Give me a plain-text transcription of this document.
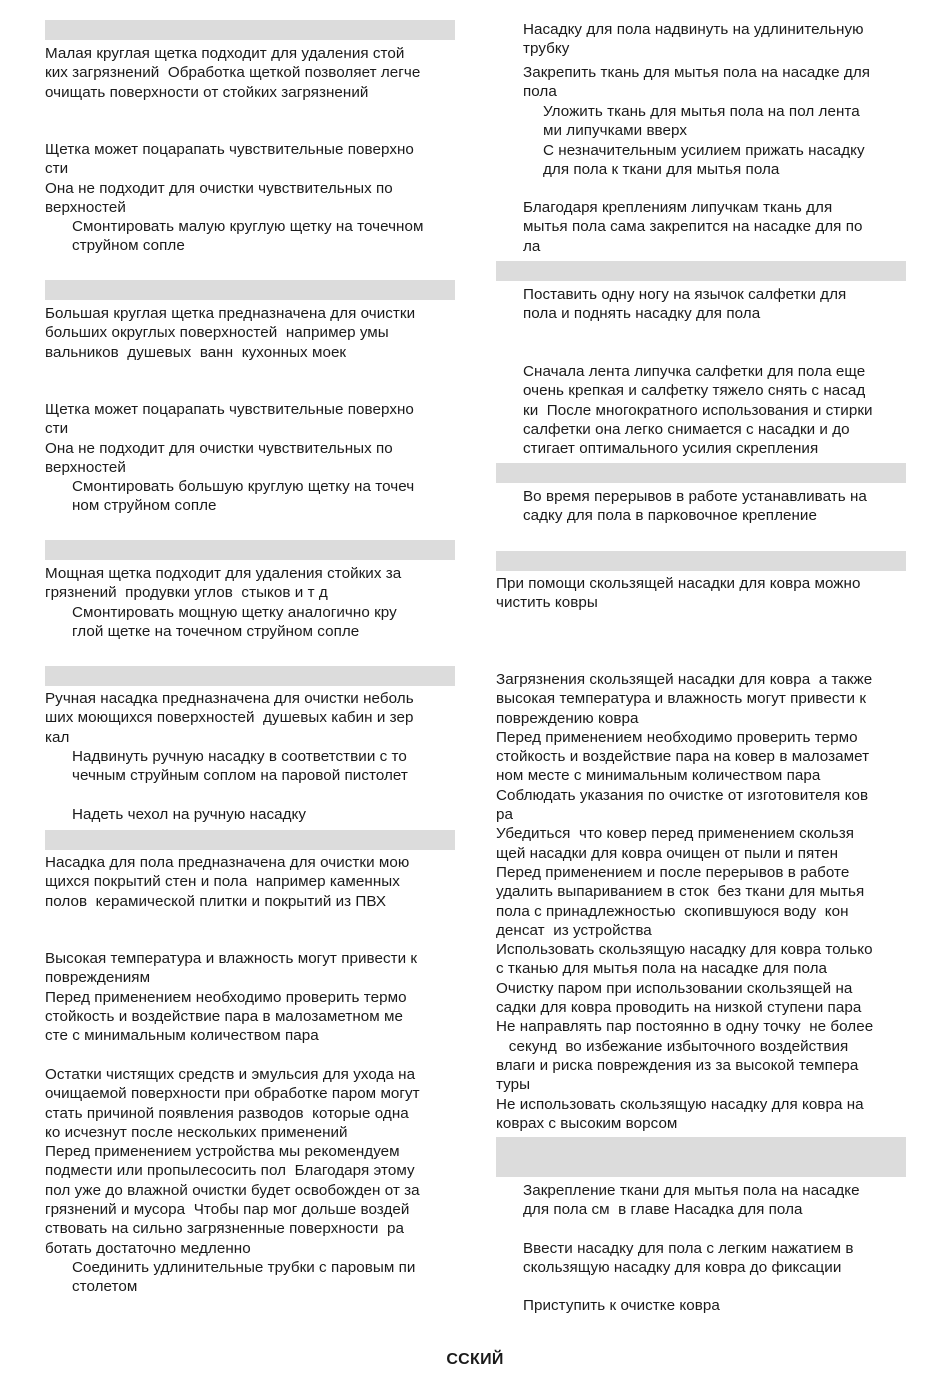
Малая круглая щетка подходит для удаления стой
ких загрязнений  Обработка щеткой позволяет легче
очищать поверхности от стойких загрязнений
Щетка может поцарапать чувствительные поверхно
сти
Она не подходит для очистки чувствительных по
верхностей
Смонтировать малую круглую щетку на точечном
струйном сопле
Большая круглая щетка предназначена для очистки
больших округлых поверхностей  например умы
вальников  душевых  ванн  кухонных моек
Щетка может поцарапать чувствительные поверхно
сти
Она не подходит для очистки чувствительных по
верхностей
Смонтировать большую круглую щетку на точеч
ном струйном сопле
Мощная щетка подходит для удаления стойких за
грязнений  продувки углов  стыков и т д
Смонтировать мощную щетку аналогично кру
глой щетке на точечном струйном сопле
Ручная насадка предназначена для очистки неболь
ших моющихся поверхностей  душевых кабин и зер
кал
Надвинуть ручную насадку в соответствии с то
чечным струйным соплом на паровой пистолет
Надеть чехол на ручную насадку
Насадка для пола предназначена для очистки мою
щихся покрытий стен и пола  например каменных
полов  керамической плитки и покрытий из ПВХ
Высокая температура и влажность могут привести к
повреждениям
Перед применением необходимо проверить термо
стойкость и воздействие пара в малозаметном ме
сте с минимальным количеством пара
Остатки чистящих средств и эмульсия для ухода на
очищаемой поверхности при обработке паром могут
стать причиной появления разводов  которые одна
ко исчезнут после нескольких применений
Перед применением устройства мы рекомендуем
подмести или пропылесосить пол  Благодаря этому
пол уже до влажной очистки будет освобожден от за
грязнений и мусора  Чтобы пар мог дольше воздей
ствовать на сильно загрязненные поверхности  ра
ботать достаточно медленно
Соединить удлинительные трубки с паровым пи
столетом
Насадку для пола надвинуть на удлинительную
трубку
Закрепить ткань для мытья пола на насадке для
пола
Уложить ткань для мытья пола на пол лента
ми липучками вверх
С незначительным усилием прижать насадку
для пола к ткани для мытья пола
Благодаря креплениям липучкам ткань для
мытья пола сама закрепится на насадке для по
ла
Поставить одну ногу на язычок салфетки для
пола и поднять насадку для пола
Сначала лента липучка салфетки для пола еще
очень крепкая и салфетку тяжело снять с насад
ки  После многократного использования и стирки
салфетки она легко снимается с насадки и до
стигает оптимального усилия скрепления
Во время перерывов в работе устанавливать на
садку для пола в парковочное крепление
При помощи скользящей насадки для ковра можно
чистить ковры
Загрязнения скользящей насадки для ковра  а также
высокая температура и влажность могут привести к
повреждению ковра
Перед применением необходимо проверить термо
стойкость и воздействие пара на ковер в малозамет
ном месте с минимальным количеством пара
Соблюдать указания по очистке от изготовителя ков
ра
Убедиться  что ковер перед применением скользя
щей насадки для ковра очищен от пыли и пятен
Перед применением и после перерывов в работе
удалить выпариванием в сток  без ткани для мытья
пола с принадлежностью  скопившуюся воду  кон
денсат  из устройства
Использовать скользящую насадку для ковра только
с тканью для мытья пола на насадке для пола
Очистку паром при использовании скользящей на
садки для ковра проводить на низкой ступени пара
Не направлять пар постоянно в одну точку  не более
секунд  во избежание избыточного воздействия
влаги и риска повреждения из за высокой темпера
туры
Не использовать скользящую насадку для ковра на
коврах с высоким ворсом
Закрепление ткани для мытья пола на насадке
для пола см  в главе Насадка для пола
Ввести насадку для пола с легким нажатием в
скользящую насадку для ковра до фиксации
Приступить к очистке ковра
ССКИЙ
